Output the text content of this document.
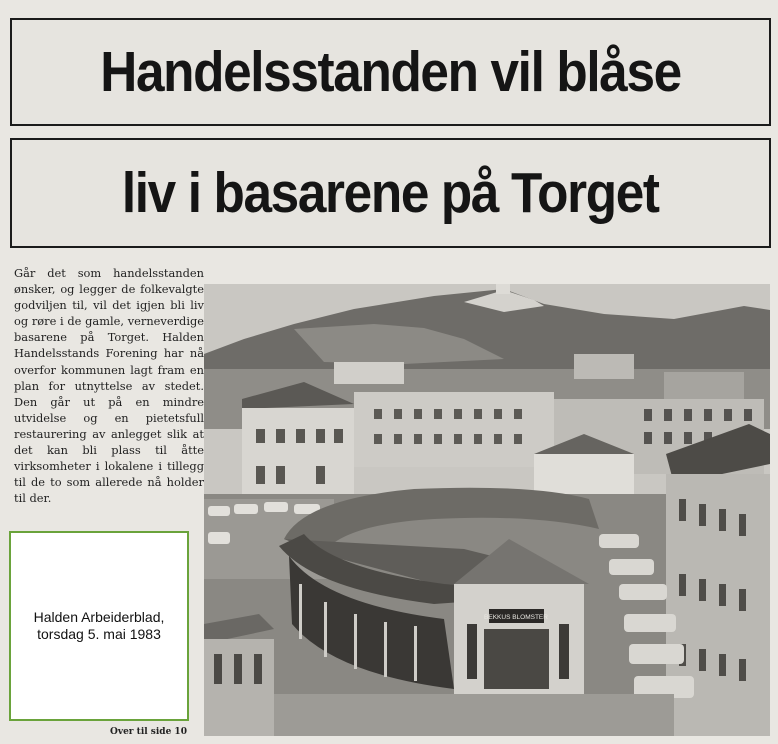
Handelsstanden vil blåse
liv i basarene på Torget

Går det som handelsstanden ønsker, og legger de folkevalgte godviljen til, vil det igjen bli liv og røre i de gamle, verneverdige basarene på Torget. Halden Handelsstands Forening har nå overfor kommunen lagt fram en plan for utnyttelse av stedet. Den går ut på en mindre utvidelse og en pietetsfull restaurering av anlegget slik at det kan bli plass til åtte virksomheter i lokalene i tillegg til de to som allerede nå holder til der.

BEKKUS BLOMSTER
Halden Arbeiderblad,
torsdag 5. mai 1983

Over til side 10
